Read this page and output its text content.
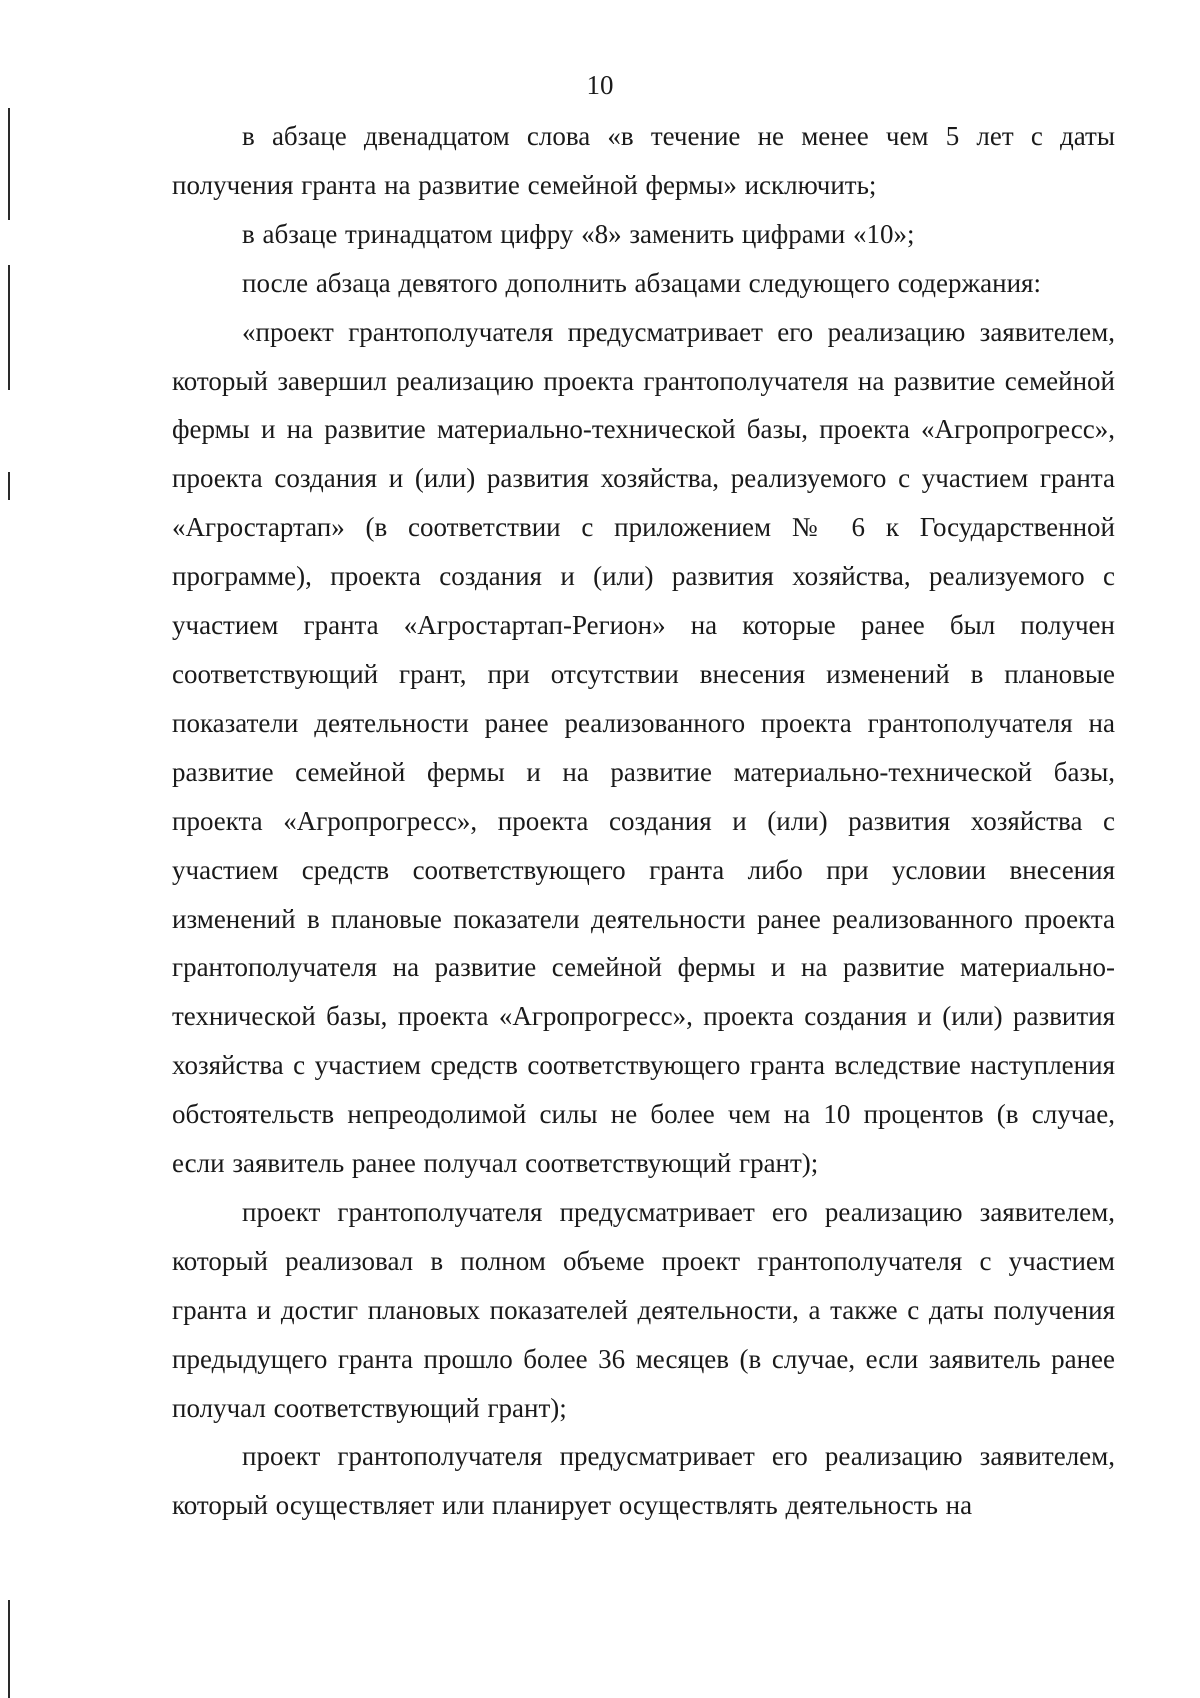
10

в абзаце двенадцатом слова «в течение не менее чем 5 лет с даты получения гранта на развитие семейной фермы» исключить;

в абзаце тринадцатом цифру «8» заменить цифрами «10»;

после абзаца девятого дополнить абзацами следующего содержания:

«проект грантополучателя предусматривает его реализацию заявителем, который завершил реализацию проекта грантополучателя на развитие семейной фермы и на развитие материально-технической базы, проекта «Агропрогресс», проекта создания и (или) развития хозяйства, реализуемого с участием гранта «Агростартап» (в соответствии с приложением № 6 к Государственной программе), проекта создания и (или) развития хозяйства, реализуемого с участием гранта «Агростартап-Регион» на которые ранее был получен соответствующий грант, при отсутствии внесения изменений в плановые показатели деятельности ранее реализованного проекта грантополучателя на развитие семейной фермы и на развитие материально-технической базы, проекта «Агропрогресс», проекта создания и (или) развития хозяйства с участием средств соответствующего гранта либо при условии внесения изменений в плановые показатели деятельности ранее реализованного проекта грантополучателя на развитие семейной фермы и на развитие материально-технической базы, проекта «Агропрогресс», проекта создания и (или) развития хозяйства с участием средств соответствующего гранта вследствие наступления обстоятельств непреодолимой силы не более чем на 10 процентов (в случае, если заявитель ранее получал соответствующий грант);

проект грантополучателя предусматривает его реализацию заявителем, который реализовал в полном объеме проект грантополучателя с участием гранта и достиг плановых показателей деятельности, а также с даты получения предыдущего гранта прошло более 36 месяцев (в случае, если заявитель ранее получал соответствующий грант);

проект грантополучателя предусматривает его реализацию заявителем, который осуществляет или планирует осуществлять деятельность на
